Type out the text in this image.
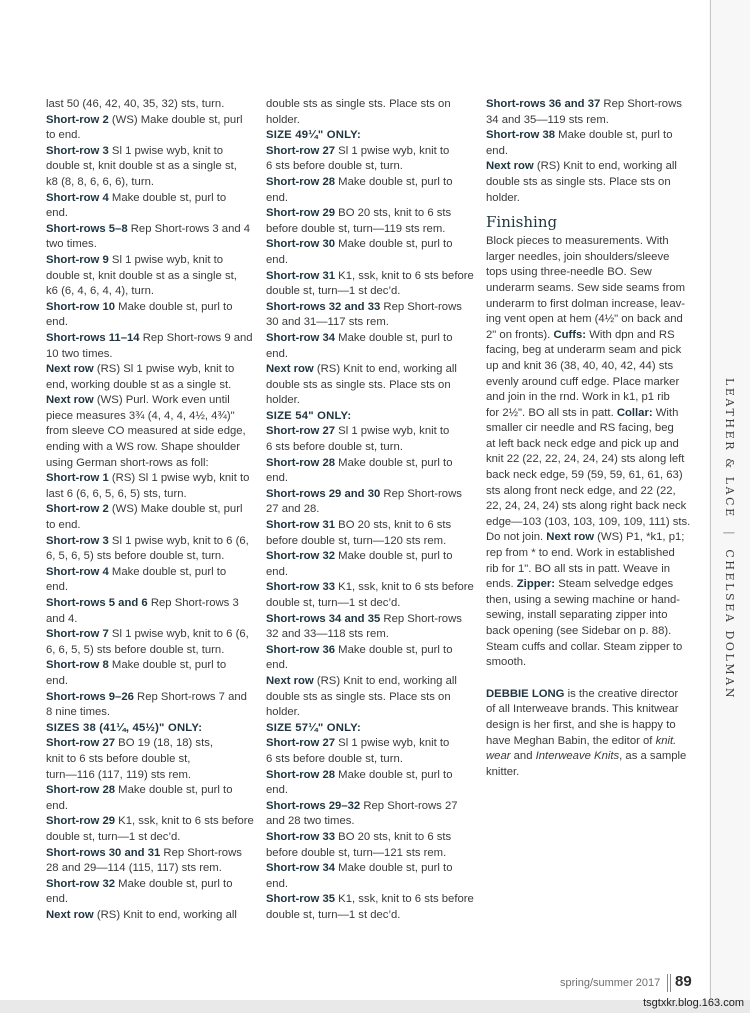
LEATHER & LACE | CHELSEA DOLMAN

last 50 (46, 42, 40, 35, 32) sts, turn.

Short-row 2 (WS) Make double st, purl
to end.

Short-row 3 Sl 1 pwise wyb, knit to
double st, knit double st as a single st,
k8 (8, 8, 6, 6, 6), turn.

Short-row 4 Make double st, purl to
end.

Short-rows 5–8 Rep Short-rows 3 and 4
two times.

Short-row 9 Sl 1 pwise wyb, knit to
double st, knit double st as a single st,
k6 (6, 4, 6, 4, 4), turn.

Short-row 10 Make double st, purl to
end.

Short-rows 11–14 Rep Short-rows 9 and
10 two times.

Next row (RS) Sl 1 pwise wyb, knit to
end, working double st as a single st.

Next row (WS) Purl. Work even until
piece measures 3¾ (4, 4, 4, 4½, 4¾)"
from sleeve CO measured at side edge,
ending with a WS row. Shape shoulder
using German short-rows as foll:

Short-row 1 (RS) Sl 1 pwise wyb, knit to
last 6 (6, 6, 5, 6, 5) sts, turn.

Short-row 2 (WS) Make double st, purl
to end.

Short-row 3 Sl 1 pwise wyb, knit to 6 (6,
6, 5, 6, 5) sts before double st, turn.

Short-row 4 Make double st, purl to
end.

Short-rows 5 and 6 Rep Short-rows 3
and 4.

Short-row 7 Sl 1 pwise wyb, knit to 6 (6,
6, 6, 5, 5) sts before double st, turn.

Short-row 8 Make double st, purl to
end.

Short-rows 9–26 Rep Short-rows 7 and
8 nine times.

SIZES 38 (41¼, 45½)" ONLY:

Short-row 27 BO 19 (18, 18) sts,
knit to 6 sts before double st,
turn—116 (117, 119) sts rem.

Short-row 28 Make double st, purl to
end.

Short-row 29 K1, ssk, knit to 6 sts before
double st, turn—1 st dec’d.

Short-rows 30 and 31 Rep Short-rows
28 and 29—114 (115, 117) sts rem.

Short-row 32 Make double st, purl to
end.

Next row (RS) Knit to end, working all

double sts as single sts. Place sts on
holder.

SIZE 49¼" ONLY:

Short-row 27 Sl 1 pwise wyb, knit to
6 sts before double st, turn.

Short-row 28 Make double st, purl to
end.

Short-row 29 BO 20 sts, knit to 6 sts
before double st, turn—119 sts rem.

Short-row 30 Make double st, purl to
end.

Short-row 31 K1, ssk, knit to 6 sts before
double st, turn—1 st dec’d.

Short-rows 32 and 33 Rep Short-rows
30 and 31—117 sts rem.

Short-row 34 Make double st, purl to
end.

Next row (RS) Knit to end, working all
double sts as single sts. Place sts on
holder.

SIZE 54" ONLY:

Short-row 27 Sl 1 pwise wyb, knit to
6 sts before double st, turn.

Short-row 28 Make double st, purl to
end.

Short-rows 29 and 30 Rep Short-rows
27 and 28.

Short-row 31 BO 20 sts, knit to 6 sts
before double st, turn—120 sts rem.

Short-row 32 Make double st, purl to
end.

Short-row 33 K1, ssk, knit to 6 sts before
double st, turn—1 st dec’d.

Short-rows 34 and 35 Rep Short-rows
32 and 33—118 sts rem.

Short-row 36 Make double st, purl to
end.

Next row (RS) Knit to end, working all
double sts as single sts. Place sts on
holder.

SIZE 57¼" ONLY:

Short-row 27 Sl 1 pwise wyb, knit to
6 sts before double st, turn.

Short-row 28 Make double st, purl to
end.

Short-rows 29–32 Rep Short-rows 27
and 28 two times.

Short-row 33 BO 20 sts, knit to 6 sts
before double st, turn—121 sts rem.

Short-row 34 Make double st, purl to
end.

Short-row 35 K1, ssk, knit to 6 sts before
double st, turn—1 st dec’d.

Short-rows 36 and 37 Rep Short-rows
34 and 35—119 sts rem.

Short-row 38 Make double st, purl to
end.

Next row (RS) Knit to end, working all
double sts as single sts. Place sts on
holder.

Finishing

Block pieces to measurements. With
larger needles, join shoulders/sleeve
tops using three-needle BO. Sew
underarm seams. Sew side seams from
underarm to first dolman increase, leav-
ing vent open at hem (4½" on back and
2" on fronts). Cuffs: With dpn and RS
facing, beg at underarm seam and pick
up and knit 36 (38, 40, 40, 42, 44) sts
evenly around cuff edge. Place marker
and join in the rnd. Work in k1, p1 rib
for 2½". BO all sts in patt. Collar: With
smaller cir needle and RS facing, beg
at left back neck edge and pick up and
knit 22 (22, 22, 24, 24, 24) sts along left
back neck edge, 59 (59, 59, 61, 61, 63)
sts along front neck edge, and 22 (22,
22, 24, 24, 24) sts along right back neck
edge—103 (103, 103, 109, 109, 111) sts.
Do not join. Next row (WS) P1, *k1, p1;
rep from * to end. Work in established
rib for 1". BO all sts in patt. Weave in
ends. Zipper: Steam selvedge edges
then, using a sewing machine or hand-
sewing, install separating zipper into
back opening (see Sidebar on p. 88).
Steam cuffs and collar. Steam zipper to
smooth.

DEBBIE LONG is the creative director
of all Interweave brands. This knitwear
design is her first, and she is happy to
have Meghan Babin, the editor of knit.
wear and Interweave Knits, as a sample
knitter.

spring/summer 2017 89
tsgtxkr.blog.163.com
